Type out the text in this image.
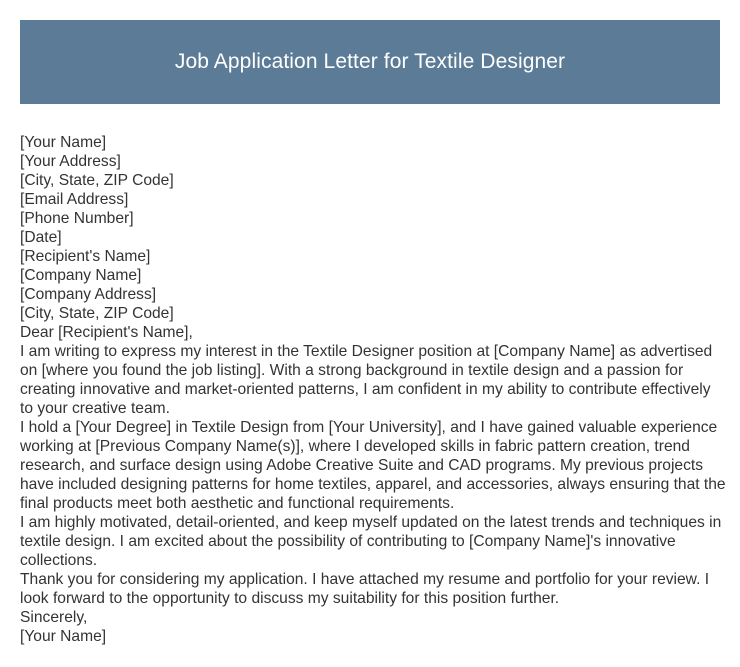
Job Application Letter for Textile Designer
[Your Name]
[Your Address]
[City, State, ZIP Code]
[Email Address]
[Phone Number]
[Date]
[Recipient's Name]
[Company Name]
[Company Address]
[City, State, ZIP Code]
Dear [Recipient's Name],
I am writing to express my interest in the Textile Designer position at [Company Name] as advertised on [where you found the job listing]. With a strong background in textile design and a passion for creating innovative and market-oriented patterns, I am confident in my ability to contribute effectively to your creative team.
I hold a [Your Degree] in Textile Design from [Your University], and I have gained valuable experience working at [Previous Company Name(s)], where I developed skills in fabric pattern creation, trend research, and surface design using Adobe Creative Suite and CAD programs. My previous projects have included designing patterns for home textiles, apparel, and accessories, always ensuring that the final products meet both aesthetic and functional requirements.
I am highly motivated, detail-oriented, and keep myself updated on the latest trends and techniques in textile design. I am excited about the possibility of contributing to [Company Name]'s innovative collections.
Thank you for considering my application. I have attached my resume and portfolio for your review. I look forward to the opportunity to discuss my suitability for this position further.
Sincerely,
[Your Name]
